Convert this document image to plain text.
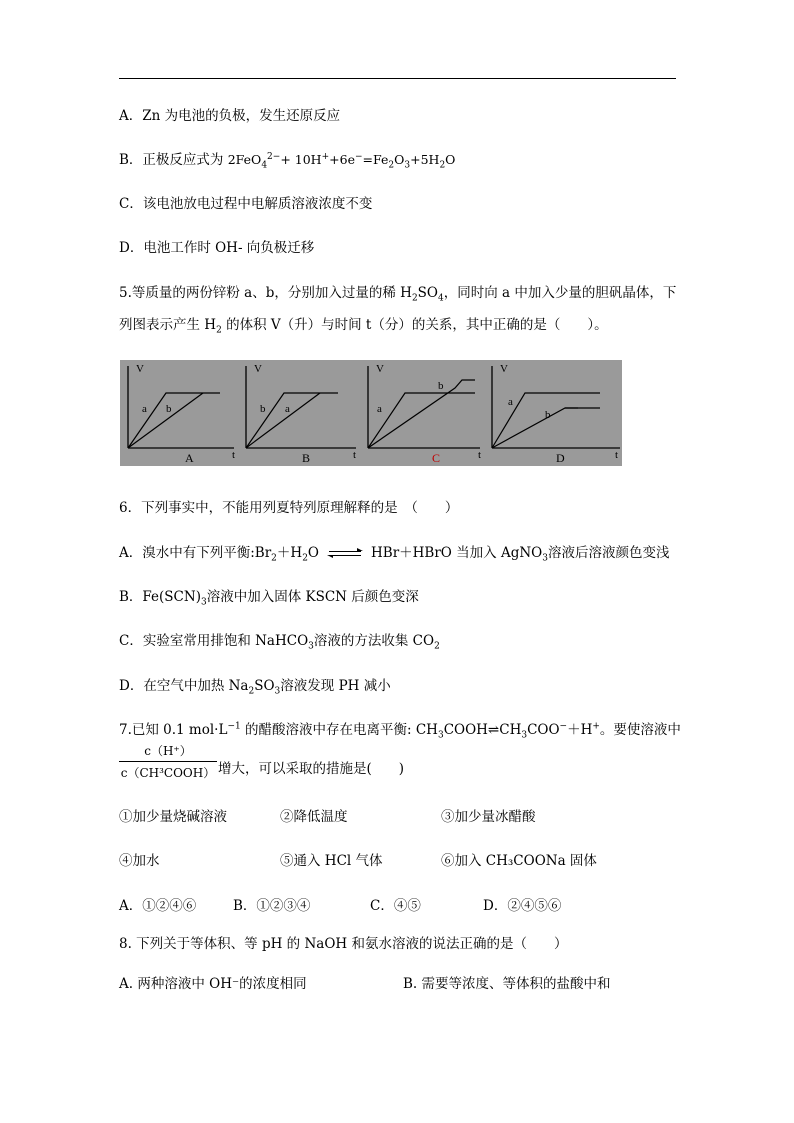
A．Zn 为电池的负极，发生还原反应
B．正极反应式为 $2FeO_4^{2-}+ 10H^++6e^-=Fe_2O_3+5H_2O$
C．该电池放电过程中电解质溶液浓度不变
D．电池工作时 OH- 向负极迁移
5.等质量的两份锌粉 a、b，分别加入过量的稀 $H_2SO_4$，同时向 a 中加入少量的胆矾晶体，下
列图表示产生 $H_2$ 的体积 V（升）与时间 t（分）的关系，其中正确的是（　　）。
V
t
a b
A
V
t
b a
B
V
t
a
b
C
V
t
a
b
D
6．下列事实中，不能用列夏特列原理解释的是　（　　）
A．溴水中有下列平衡$:Br_2+H_2O$	HBr＋HBrO 当加入 AgNO$_3$溶液后溶液颜色变浅
B．$Fe(SCN)_3$溶液中加入固体 KSCN 后颜色变深
C．实验室常用排饱和 NaHCO$_3$溶液的方法收集 $CO_2$
D．在空气中加热 $Na_2SO_3$溶液发现 PH 减小
7.已知 0.1 $mol\cdot L^{-1}$ 的醋酸溶液中存在电离平衡: $CH_3COOH\rightleftharpoons CH_3COO^-+H^+$。要使溶液中
c（H⁺）
c（CH³COOH） 增大，可以采取的措施是(　　)
①加少量烧碱溶液	②降低温度	③加少量冰醋酸
④加水	⑤通入 HCl 气体	⑥加入 CH₃COONa 固体
A．①②④⑥	B．①②③④	C．④⑤	D．②④⑤⑥
8. 下列关于等体积、等 pH 的 NaOH 和氨水溶液的说法正确的是（　　）
A. 两种溶液中 OH⁻的浓度相同	B. 需要等浓度、等体积的盐酸中和
